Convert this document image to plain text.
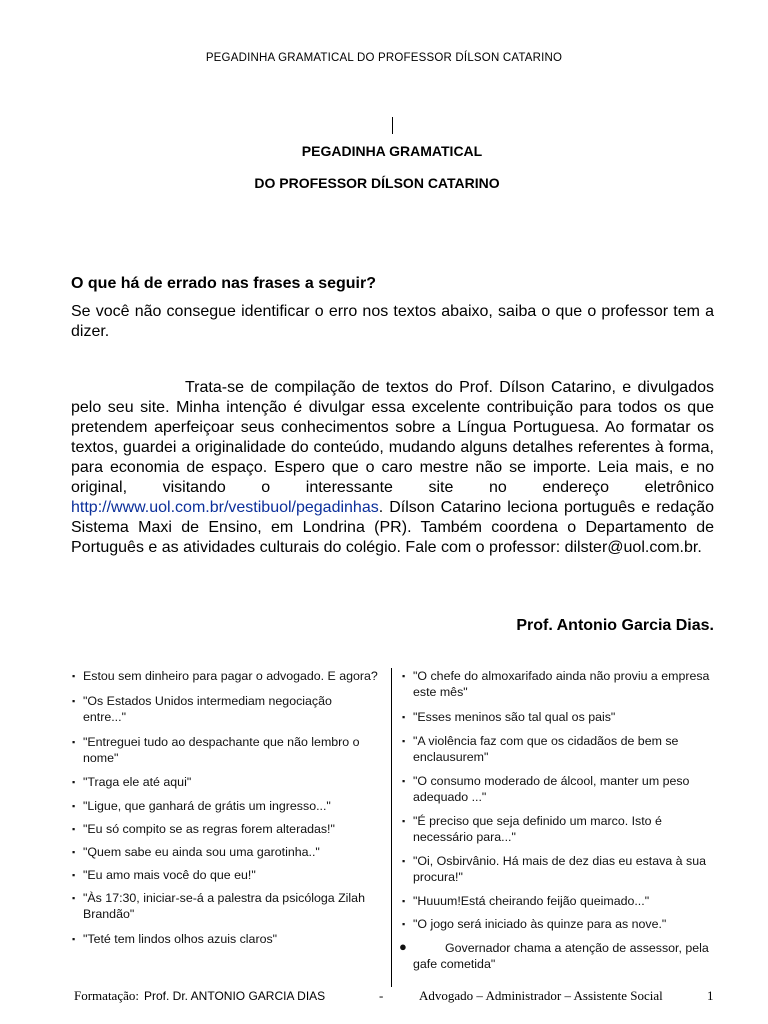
PEGADINHA GRAMATICAL DO PROFESSOR DÍLSON CATARINO
PEGADINHA GRAMATICAL
DO PROFESSOR DÍLSON CATARINO
O que há de errado nas frases a seguir?
Se você não consegue identificar o erro nos textos abaixo, saiba o que o professor tem a dizer.
Trata-se de compilação de textos do Prof. Dílson Catarino, e divulgados pelo seu site. Minha intenção é divulgar essa excelente contribuição para todos os que pretendem aperfeiçoar seus conhecimentos sobre a Língua Portuguesa. Ao formatar os textos, guardei a originalidade do conteúdo, mudando alguns detalhes referentes à forma, para economia de espaço. Espero que o caro mestre não se importe. Leia mais, e no original, visitando o interessante site no endereço eletrônico http://www.uol.com.br/vestibuol/pegadinhas. Dílson Catarino leciona português e redação Sistema Maxi de Ensino, em Londrina (PR). Também coordena o Departamento de Português e as atividades culturais do colégio. Fale com o professor: dilster@uol.com.br.
Prof. Antonio Garcia Dias.
▪ Estou sem dinheiro para pagar o advogado. E agora?
▪ "Os Estados Unidos intermediam negociação entre..."
▪ "Entreguei tudo ao despachante que não lembro o nome"
▪ "Traga ele até aqui"
▪ "Ligue, que ganhará de grátis um ingresso..."
▪ "Eu só compito se as regras forem alteradas!"
▪ "Quem sabe eu ainda sou uma garotinha.."
▪ "Eu amo mais você do que eu!"
▪ "Às 17:30, iniciar-se-á a palestra da psicóloga Zilah Brandão"
▪ "Teté tem lindos olhos azuis claros"
▪ "O chefe do almoxarifado ainda não proviu a empresa este mês"
▪ "Esses meninos são tal qual os pais"
▪ "A violência faz com que os cidadãos de bem se enclausurem"
▪ "O consumo moderado de álcool, manter um peso adequado ..."
▪ "É preciso que seja definido um marco. Isto é necessário para..."
▪ "Oi, Osbirvânio. Há mais de dez dias eu estava à sua procura!"
▪ "Huuum!Está cheirando feijão queimado..."
▪ "O jogo será iniciado às quinze para as nove."
●	Governador chama a atenção de assessor, pela gafe cometida"
Formatação: Prof. Dr. ANTONIO GARCIA DIAS	-	Advogado – Administrador – Assistente Social	1
